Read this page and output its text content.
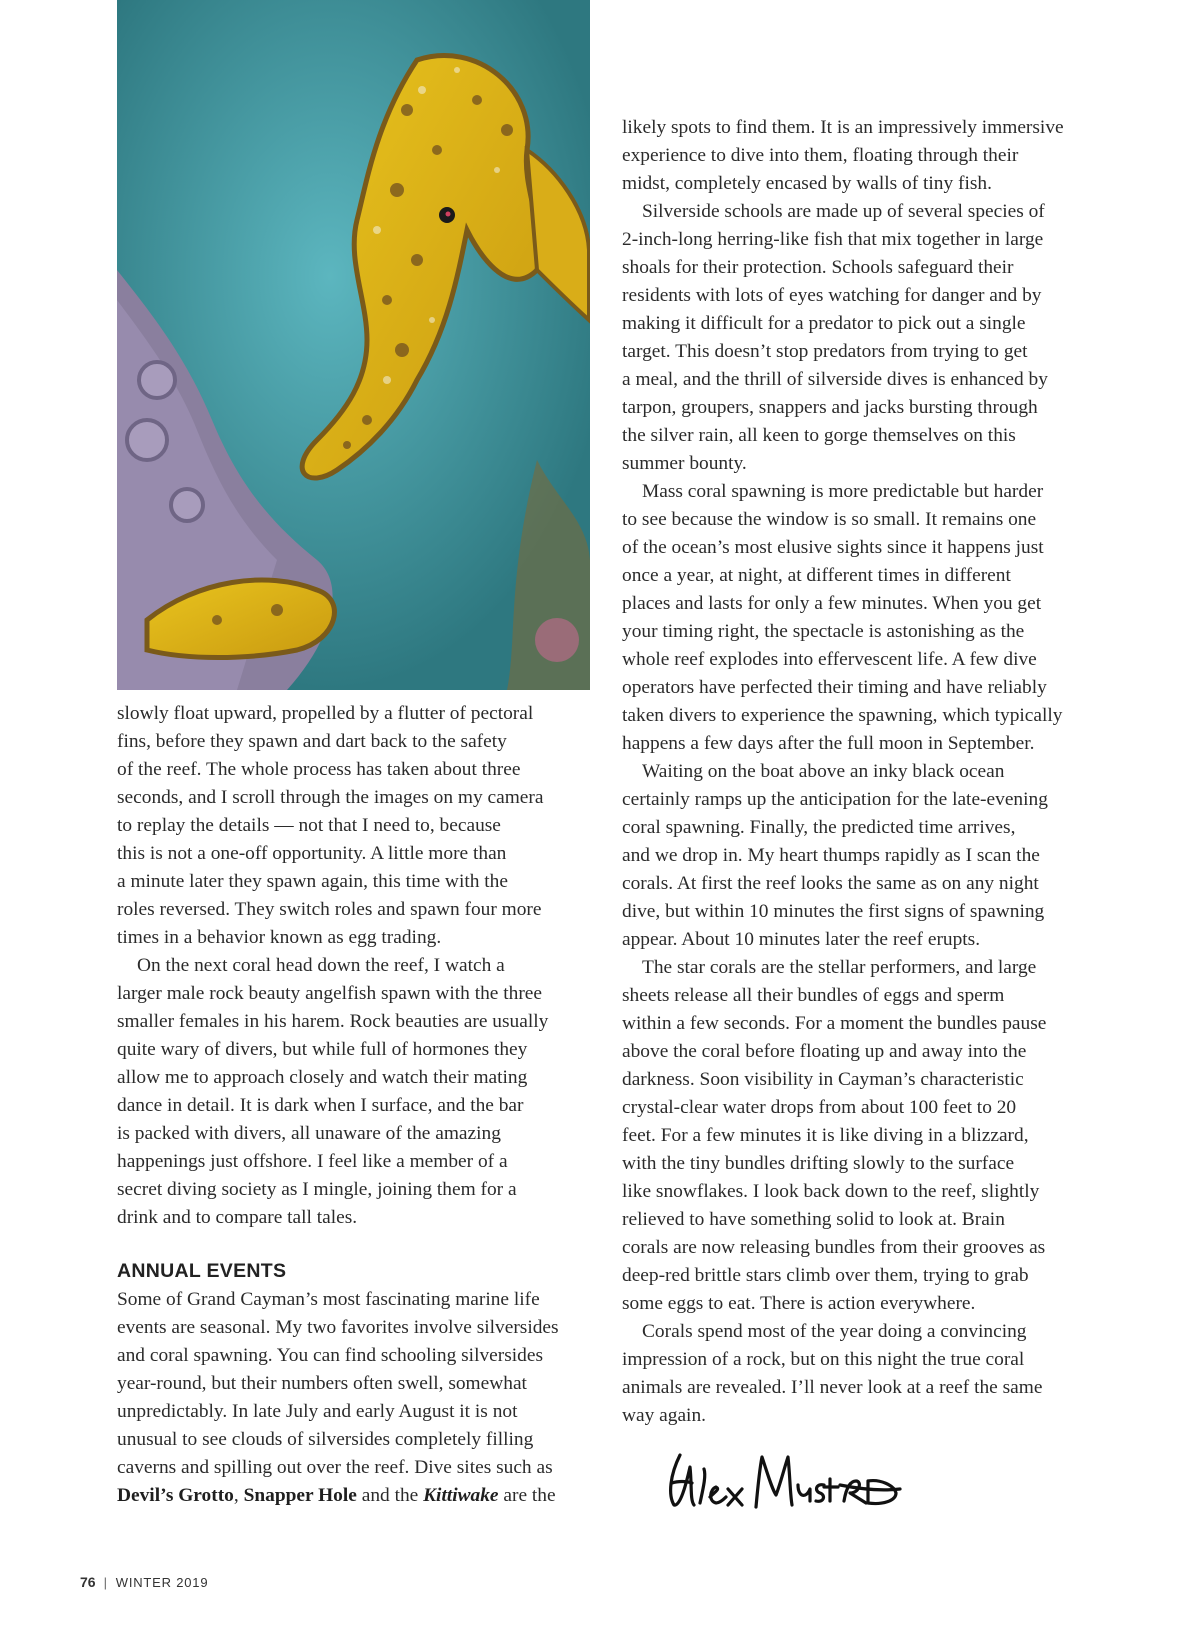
slowly float upward, propelled by a flutter of pectoral

fins, before they spawn and dart back to the safety

of the reef. The whole process has taken about three

seconds, and I scroll through the images on my camera

to replay the details — not that I need to, because

this is not a one-off opportunity. A little more than

a minute later they spawn again, this time with the

roles reversed. They switch roles and spawn four more

times in a behavior known as egg trading.

On the next coral head down the reef, I watch a

larger male rock beauty angelfish spawn with the three

smaller females in his harem. Rock beauties are usually

quite wary of divers, but while full of hormones they

allow me to approach closely and watch their mating

dance in detail. It is dark when I surface, and the bar

is packed with divers, all unaware of the amazing

happenings just offshore. I feel like a member of a

secret diving society as I mingle, joining them for a

drink and to compare tall tales.

ANNUAL EVENTS

Some of Grand Cayman’s most fascinating marine life

events are seasonal. My two favorites involve silversides

and coral spawning. You can find schooling silversides

year-round, but their numbers often swell, somewhat

unpredictably. In late July and early August it is not

unusual to see clouds of silversides completely filling

caverns and spilling out over the reef. Dive sites such as

Devil’s Grotto, Snapper Hole and the Kittiwake are the

likely spots to find them. It is an impressively immersive

experience to dive into them, floating through their

midst, completely encased by walls of tiny fish.

Silverside schools are made up of several species of

2-inch-long herring-like fish that mix together in large

shoals for their protection. Schools safeguard their

residents with lots of eyes watching for danger and by

making it difficult for a predator to pick out a single

target. This doesn’t stop predators from trying to get

a meal, and the thrill of silverside dives is enhanced by

tarpon, groupers, snappers and jacks bursting through

the silver rain, all keen to gorge themselves on this

summer bounty.

Mass coral spawning is more predictable but harder

to see because the window is so small. It remains one

of the ocean’s most elusive sights since it happens just

once a year, at night, at different times in different

places and lasts for only a few minutes. When you get

your timing right, the spectacle is astonishing as the

whole reef explodes into effervescent life. A few dive

operators have perfected their timing and have reliably

taken divers to experience the spawning, which typically

happens a few days after the full moon in September.

Waiting on the boat above an inky black ocean

certainly ramps up the anticipation for the late-evening

coral spawning. Finally, the predicted time arrives,

and we drop in. My heart thumps rapidly as I scan the

corals. At first the reef looks the same as on any night

dive, but within 10 minutes the first signs of spawning

appear. About 10 minutes later the reef erupts.

The star corals are the stellar performers, and large

sheets release all their bundles of eggs and sperm

within a few seconds. For a moment the bundles pause

above the coral before floating up and away into the

darkness. Soon visibility in Cayman’s characteristic

crystal-clear water drops from about 100 feet to 20

feet. For a few minutes it is like diving in a blizzard,

with the tiny bundles drifting slowly to the surface

like snowflakes. I look back down to the reef, slightly

relieved to have something solid to look at. Brain

corals are now releasing bundles from their grooves as

deep-red brittle stars climb over them, trying to grab

some eggs to eat. There is action everywhere.

Corals spend most of the year doing a convincing

impression of a rock, but on this night the true coral

animals are revealed. I’ll never look at a reef the same

way again.

76 | WINTER 2019
